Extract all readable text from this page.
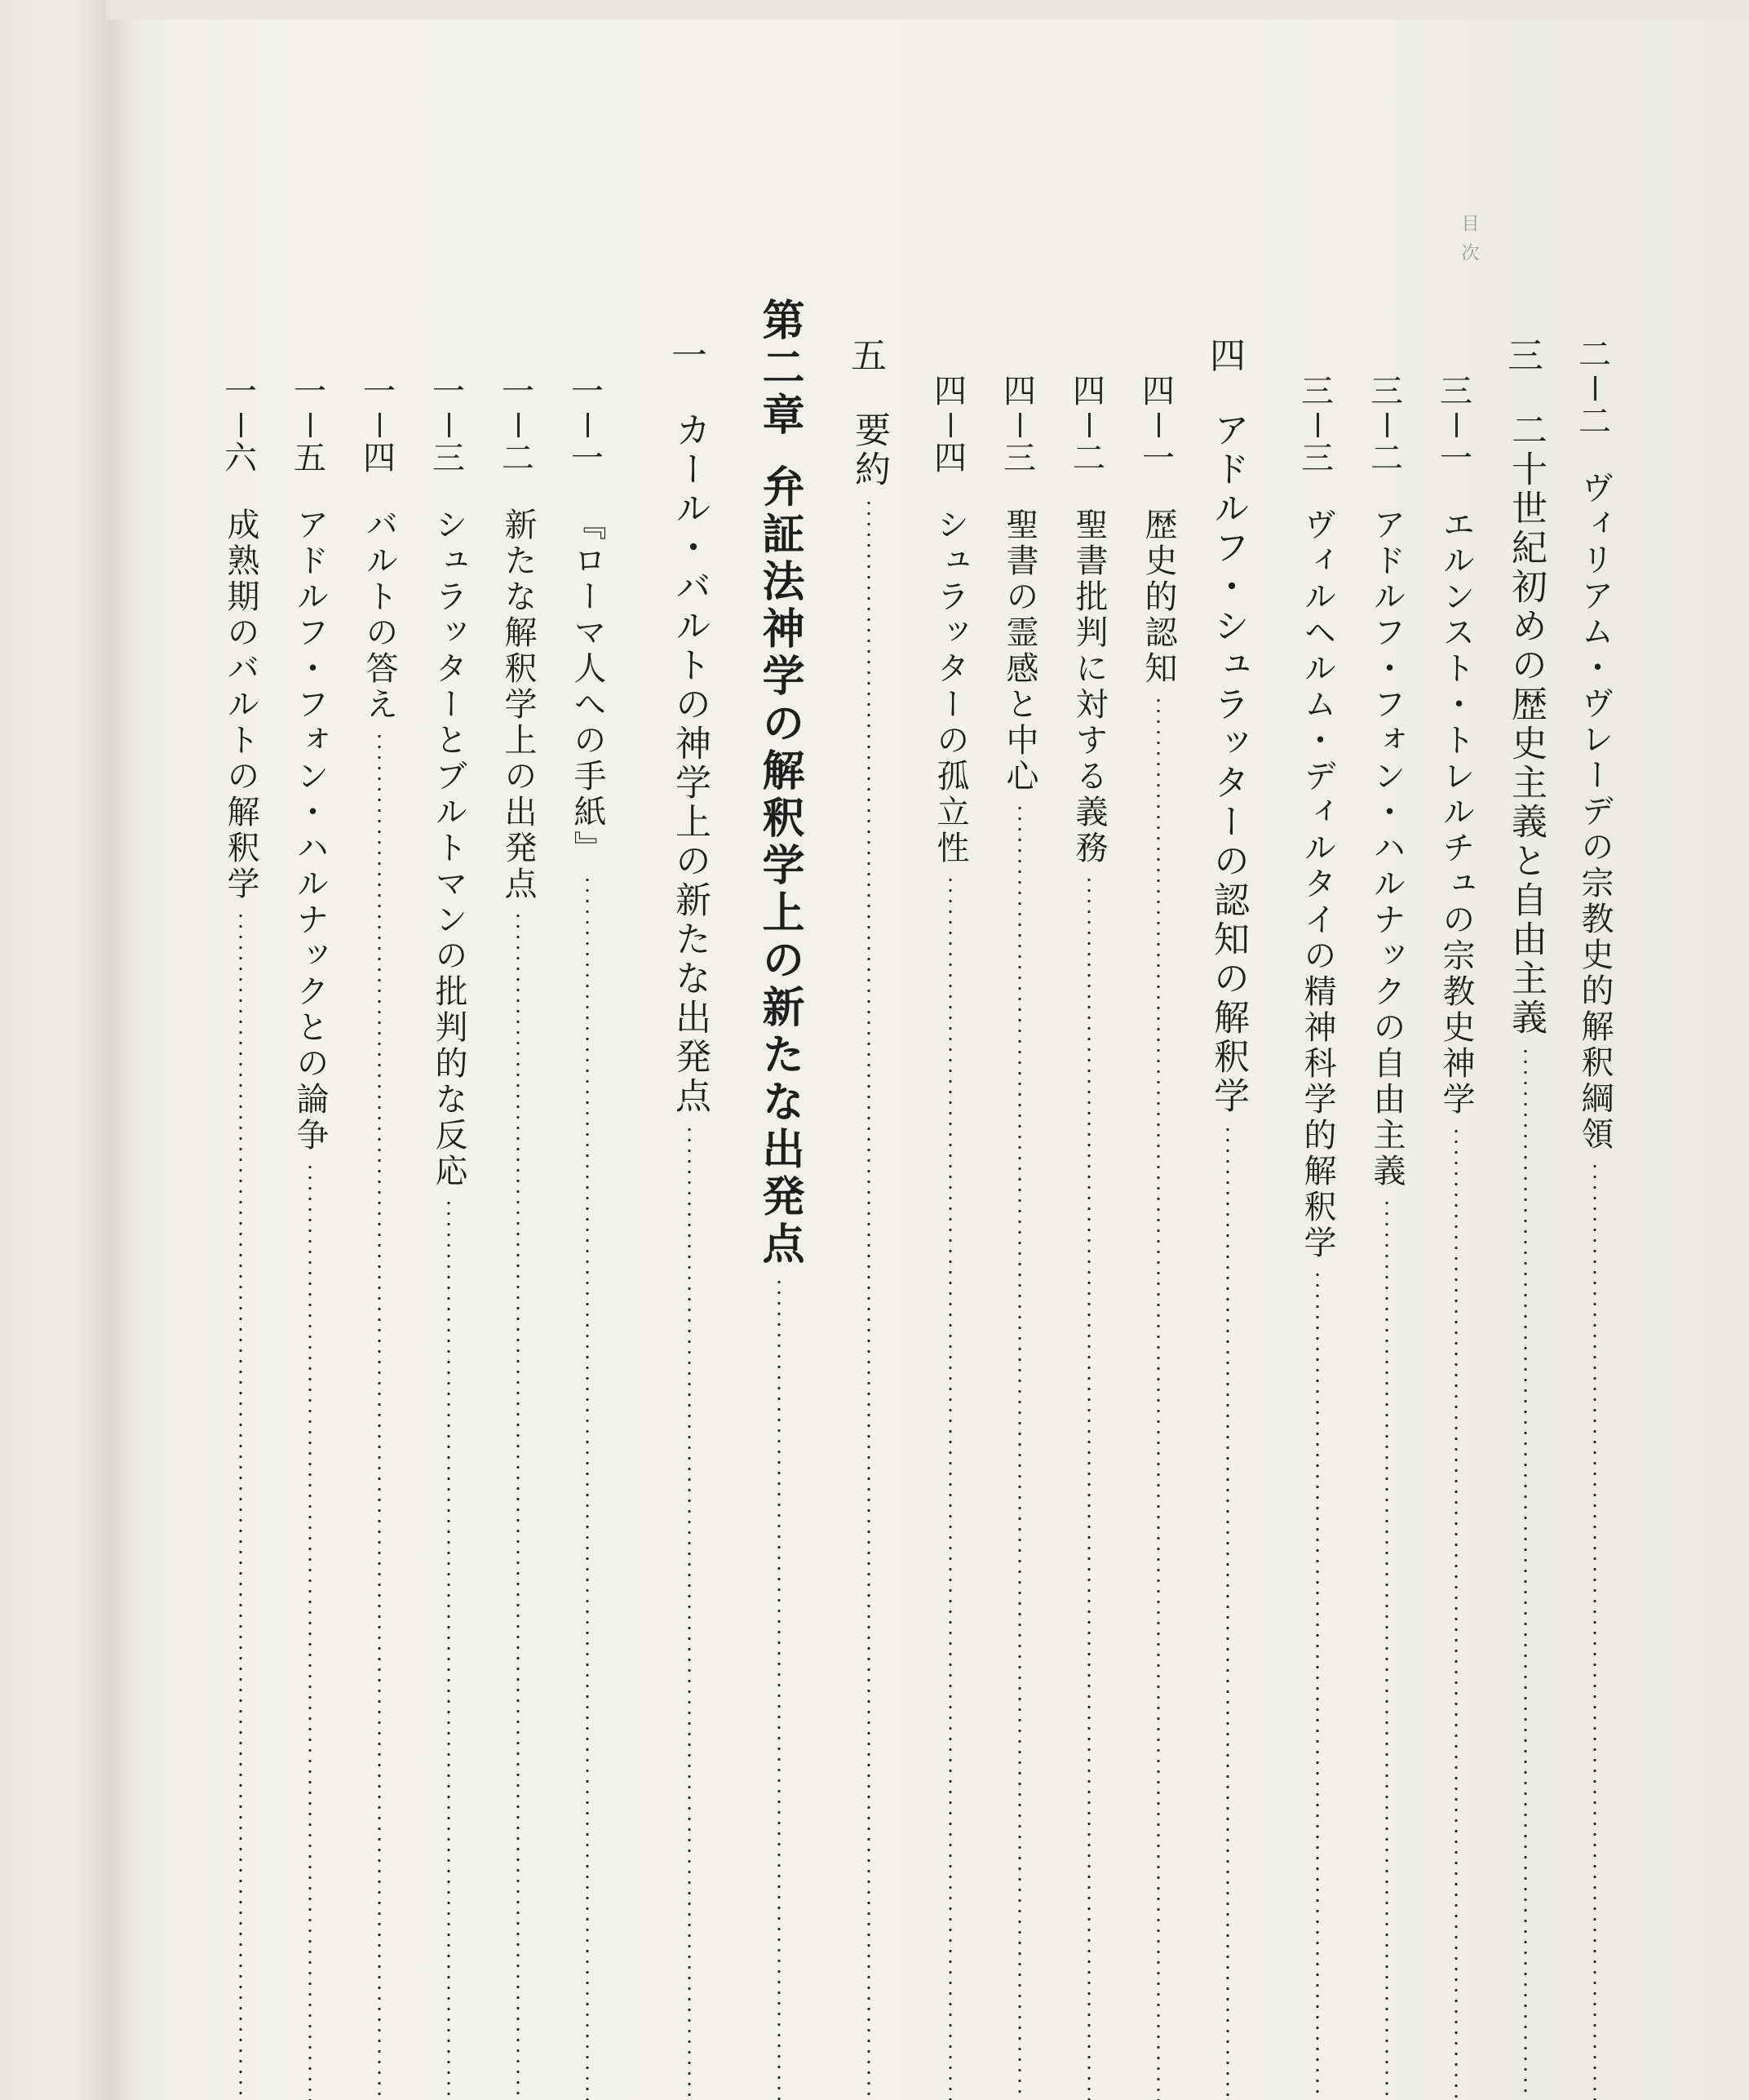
目次
二
二
ヴィリアム・ヴレーデの宗教史的解釈綱領
三
二十世紀初めの歴史主義と自由主義
三
一
エルンスト・トレルチュの宗教史神学
三
二
アドルフ・フォン・ハルナックの自由主義
三
三
ヴィルヘルム・ディルタイの精神科学的解釈学
四
アドルフ・シュラッターの認知の解釈学
四
一
歴史的認知
四
二
聖書批判に対する義務
四
三
聖書の霊感と中心
四
四
シュラッターの孤立性
五
要約
第二章
弁証法神学の解釈学上の新たな出発点
一
カール・バルトの神学上の新たな出発点
一
一
『ローマ人への手紙』
一
二
新たな解釈学上の出発点
一
三
シュラッターとブルトマンの批判的な反応
一
四
バルトの答え
一
五
アドルフ・フォン・ハルナックとの論争
一
六
成熟期のバルトの解釈学
